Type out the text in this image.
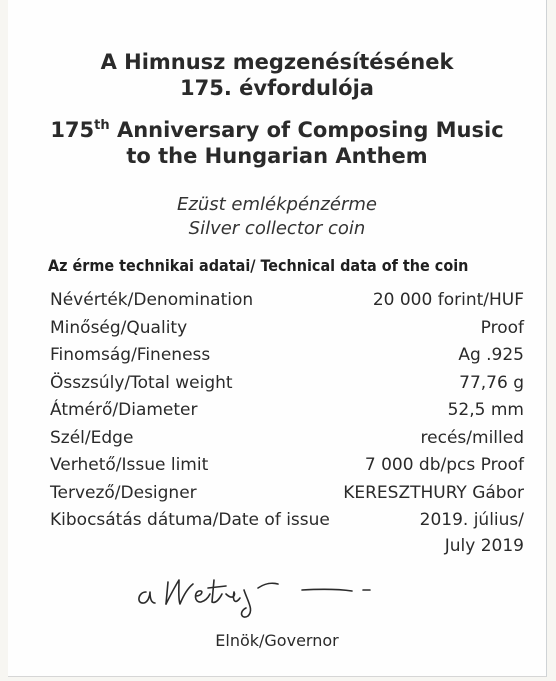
A Himnusz megzenésítésének
175. évfordulója
175th Anniversary of Composing Music
to the Hungarian Anthem
Ezüst emlékpénzérme
Silver collector coin
Az érme technikai adatai/ Technical data of the coin
Névérték/Denomination	20 000 forint/HUF
Minőség/Quality	Proof
Finomság/Fineness	Ag .925
Összsúly/Total weight	77,76 g
Átmérő/Diameter	52,5 mm
Szél/Edge	recés/milled
Verhető/Issue limit	7 000 db/pcs Proof
Tervező/Designer	KERESZTHURY Gábor
Kibocsátás dátuma/Date of issue	2019. július/
July 2019
Elnök/Governor
